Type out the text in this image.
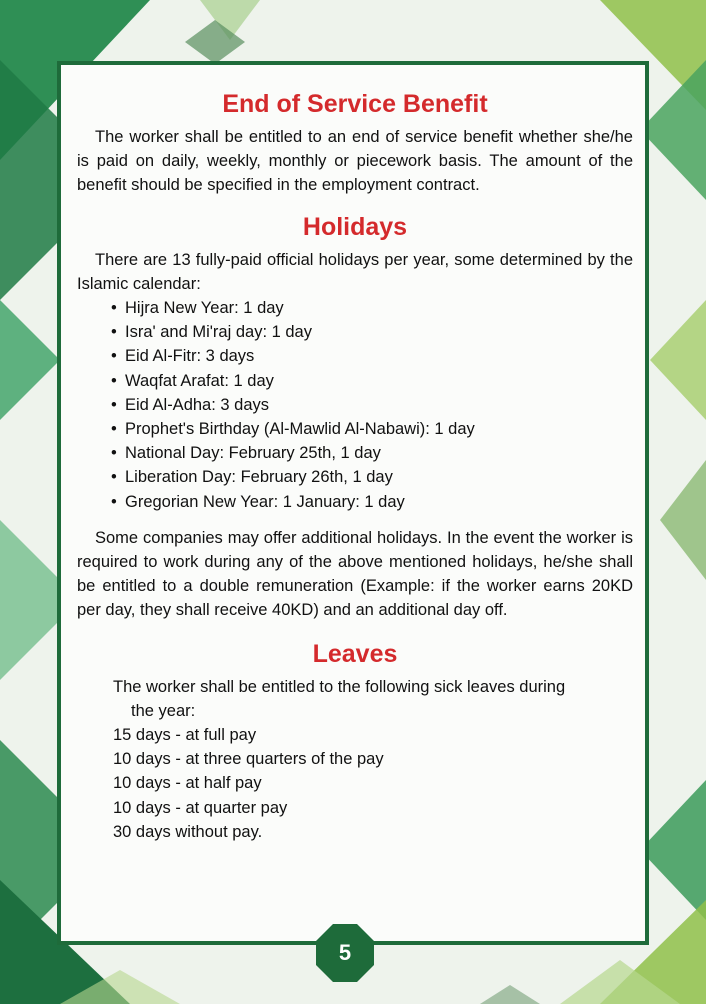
End of Service Benefit

The worker shall be entitled to an end of service benefit whether she/he is paid on daily, weekly, monthly or piecework basis. The amount of the benefit should be specified in the employment contract.

Holidays

There are 13 fully-paid official holidays per year, some determined by the Islamic calendar:

• Hijra New Year: 1 day
• Isra' and Mi'raj day: 1 day
• Eid Al-Fitr: 3 days
• Waqfat Arafat: 1 day
• Eid Al-Adha: 3 days
• Prophet's Birthday (Al-Mawlid Al-Nabawi): 1 day
• National Day: February 25th, 1 day
• Liberation Day: February 26th, 1 day
• Gregorian New Year: 1 January: 1 day

Some companies may offer additional holidays. In the event the worker is required to work during any of the above mentioned holidays, he/she shall be entitled to a double remuneration (Example: if the worker earns 20KD per day, they shall receive 40KD) and an additional day off.

Leaves
The worker shall be entitled to the following sick leaves during
the year:
15 days - at full pay
10 days - at three quarters of the pay
10 days - at half pay
10 days - at quarter pay
30 days without pay.
5
